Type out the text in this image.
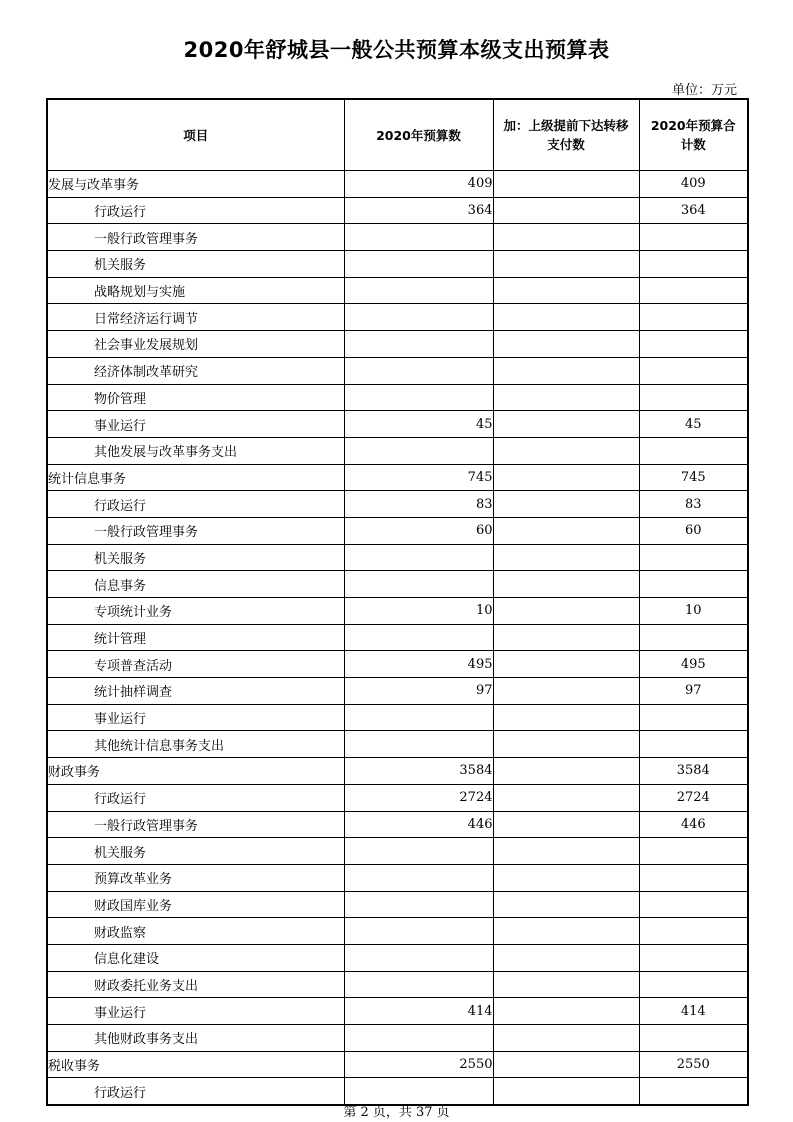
2020年舒城县一般公共预算本级支出预算表
单位：万元
项目	2020年预算数	加：上级提前下达转移支付数	2020年预算合计数
发展与改革事务	409		409
行政运行	364		364
一般行政管理事务			
机关服务			
战略规划与实施			
日常经济运行调节			
社会事业发展规划			
经济体制改革研究			
物价管理			
事业运行	45		45
其他发展与改革事务支出			
统计信息事务	745		745
行政运行	83		83
一般行政管理事务	60		60
机关服务			
信息事务			
专项统计业务	10		10
统计管理			
专项普查活动	495		495
统计抽样调查	97		97
事业运行			
其他统计信息事务支出			
财政事务	3584		3584
行政运行	2724		2724
一般行政管理事务	446		446
机关服务			
预算改革业务			
财政国库业务			
财政监察			
信息化建设			
财政委托业务支出			
事业运行	414		414
其他财政事务支出			
税收事务	2550		2550
行政运行			
第 2 页，共 37 页
